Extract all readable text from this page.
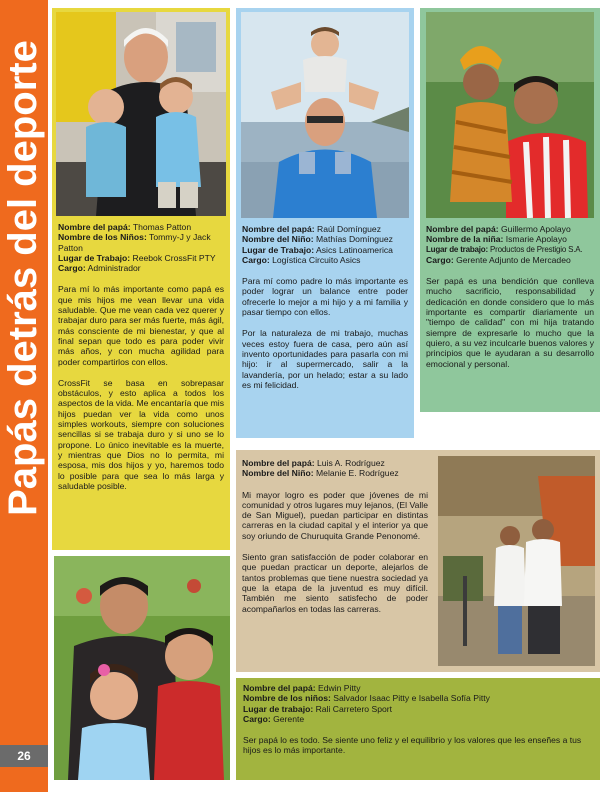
Papás detrás del deporte
26

Nombre del papá: Thomas Patton

Nombre de los Niños: Tommy-J y Jack Patton

Lugar de Trabajo: Reebok CrossFit PTY

Cargo: Administrador

Para mí lo más importante como papá es que mis hijos me vean llevar una vida saludable. Que me vean cada vez querer y trabajar duro para ser más fuerte, más ágil, más consciente de mi bienestar, y que al final sepan que todo es para poder vivir más años, y con mucha agilidad para poder compartirlos con ellos.

CrossFit se basa en sobrepasar obstáculos, y esto aplica a todos los aspectos de la vida. Me encantaría que mis hijos puedan ver la vida como unos simples workouts, siempre con soluciones sencillas si se trabaja duro y si uno se lo propone. Lo único inevitable es la muerte, y mientras que Dios no lo permita, mi esposa, mis dos hijos y yo, haremos todo lo posible para que sea lo más larga y saludable posible.

Nombre del papá: Raúl Domínguez

Nombre del Niño: Mathías Domínguez

Lugar de Trabajo: Asics Latinoamerica

Cargo: Logística Circuito Asics

Para mí como padre lo más importante es poder lograr un balance entre poder ofrecerle lo mejor a mi hijo y a mi familia y pasar tiempo con ellos.

Por la naturaleza de mi trabajo, muchas veces estoy fuera de casa, pero aún así invento oportunidades para pasarla con mi hijo: ir al supermercado, salir a la lavandería, por un helado; estar a su lado es mi felicidad.

Nombre del papá: Guillermo Apolayo

Nombre de la niña: Ismarie Apolayo

Lugar de trabajo: Productos de Prestigio S.A.

Cargo: Gerente Adjunto de Mercadeo

Ser papá es una bendición que conlleva mucho sacrificio, responsabilidad y dedicación en donde considero que lo más importante es compartir diariamente un "tiempo de calidad" con mi hija tratando siempre de expresarle lo mucho que la quiero, a su vez inculcarle buenos valores y principios que le ayudaran a su desarrollo emocional y personal.

Nombre del papá: Luis A. Rodríguez

Nombre del Niño: Melanie E. Rodríguez

Mi mayor logro es poder que jóvenes de mi comunidad y otros lugares muy lejanos, (El Valle de San Miguel), puedan participar en distintas carreras en la ciudad capital y el interior ya que soy oriundo de Churuquita Grande Penonomé.

Siento gran satisfacción de poder colaborar en que puedan practicar un deporte, alejarlos de tantos problemas que tiene nuestra sociedad ya que la etapa de la juventud es muy difícil. También me siento satisfecho de poder acompañarlos en todas las carreras.

Nombre del papá: Edwin Pitty

Nombre de los niños: Salvador Isaac Pitty e Isabella Sofía Pitty

Lugar de trabajo: Rali Carretero Sport

Cargo: Gerente

Ser papá lo es todo. Se siente uno feliz y el equilibrio y los valores que les enseñes a tus hijos es lo más importante.
